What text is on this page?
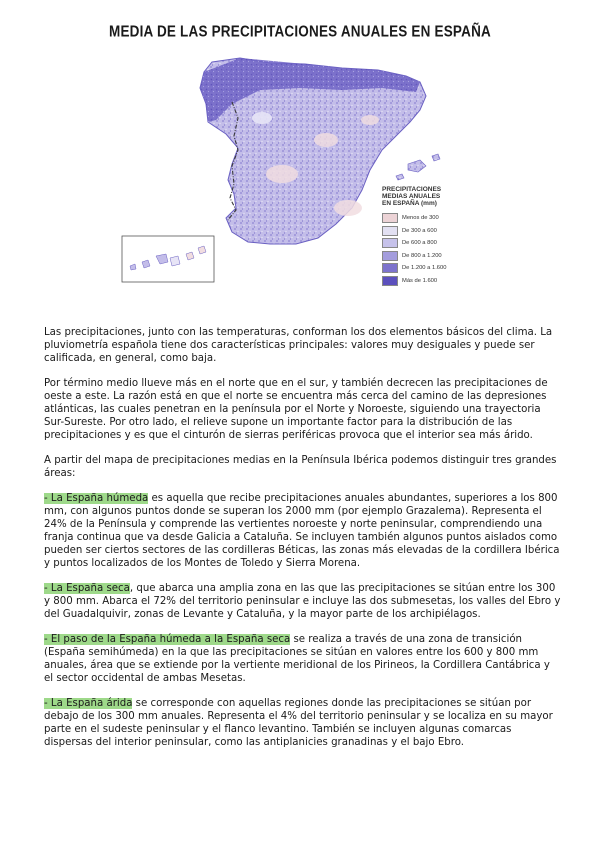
MEDIA DE LAS PRECIPITACIONES ANUALES EN ESPAÑA
PRECIPITACIONES
MEDIAS ANUALES
EN ESPAÑA (mm)
Menos de 300
De 300 a 600
De 600 a 800
De 800 a 1.200
De 1.200 a 1.600
Más de 1.600

Las precipitaciones, junto con las temperaturas, conforman los dos elementos básicos del clima. La pluviometría española tiene dos características principales: valores muy desiguales y puede ser calificada, en general, como baja.

Por término medio llueve más en el norte que en el sur, y también decrecen las precipitaciones de oeste a este. La razón está en que el norte se encuentra más cerca del camino de las depresiones atlánticas, las cuales penetran en la península por el Norte y Noroeste, siguiendo una trayectoria Sur-Sureste. Por otro lado, el relieve supone un importante factor para la distribución de las precipitaciones y es que el cinturón de sierras periféricas provoca que el interior sea más árido.

A partir del mapa de precipitaciones medias en la Península Ibérica podemos distinguir tres grandes áreas:

- La España húmeda es aquella que recibe precipitaciones anuales abundantes, superiores a los 800 mm, con algunos puntos donde se superan los 2000 mm (por ejemplo Grazalema). Representa el 24% de la Península y comprende las vertientes noroeste y norte peninsular, comprendiendo una franja continua que va desde Galicia a Cataluña. Se incluyen también algunos puntos aislados como pueden ser ciertos sectores de las cordilleras Béticas, las zonas más elevadas de la cordillera Ibérica y puntos localizados de los Montes de Toledo y Sierra Morena.

- La España seca, que abarca una amplia zona en las que las precipitaciones se sitúan entre los 300 y 800 mm. Abarca el 72% del territorio peninsular e incluye las dos submesetas, los valles del Ebro y del Guadalquivir, zonas de Levante y Cataluña, y la mayor parte de los archipiélagos.

- El paso de la España húmeda a la España seca se realiza a través de una zona de transición (España semihúmeda) en la que las precipitaciones se sitúan en valores entre los 600 y 800 mm anuales, área que se extiende por la vertiente meridional de los Pirineos, la Cordillera Cantábrica y el sector occidental de ambas Mesetas.

- La España árida se corresponde con aquellas regiones donde las precipitaciones se sitúan por debajo de los 300 mm anuales. Representa el 4% del territorio peninsular y se localiza en su mayor parte en el sudeste peninsular y el flanco levantino. También se incluyen algunas comarcas dispersas del interior peninsular, como las antiplanicies granadinas y el bajo Ebro.
